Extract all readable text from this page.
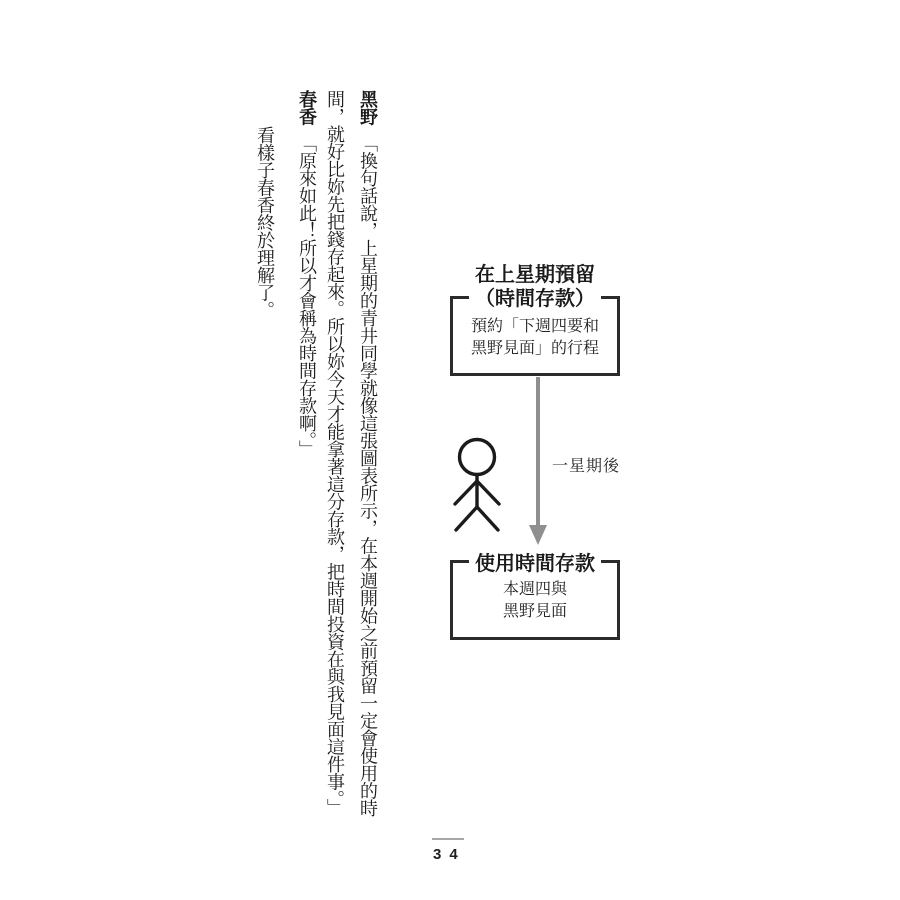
黑野「換句話說，上星期的青井同學就像這張圖表所示，在本週開始之前預留一定會使用的時
間，就好比妳先把錢存起來。所以妳今天才能拿著這分存款，把時間投資在與我見面這件事。」
春香「原來如此！所以才會稱為時間存款啊。」
看樣子春香終於理解了。	在上星期預留
（時間存款）
預約「下週四要和
黑野見面」的行程
一星期後
使用時間存款
本週四與
黑野見面
34
